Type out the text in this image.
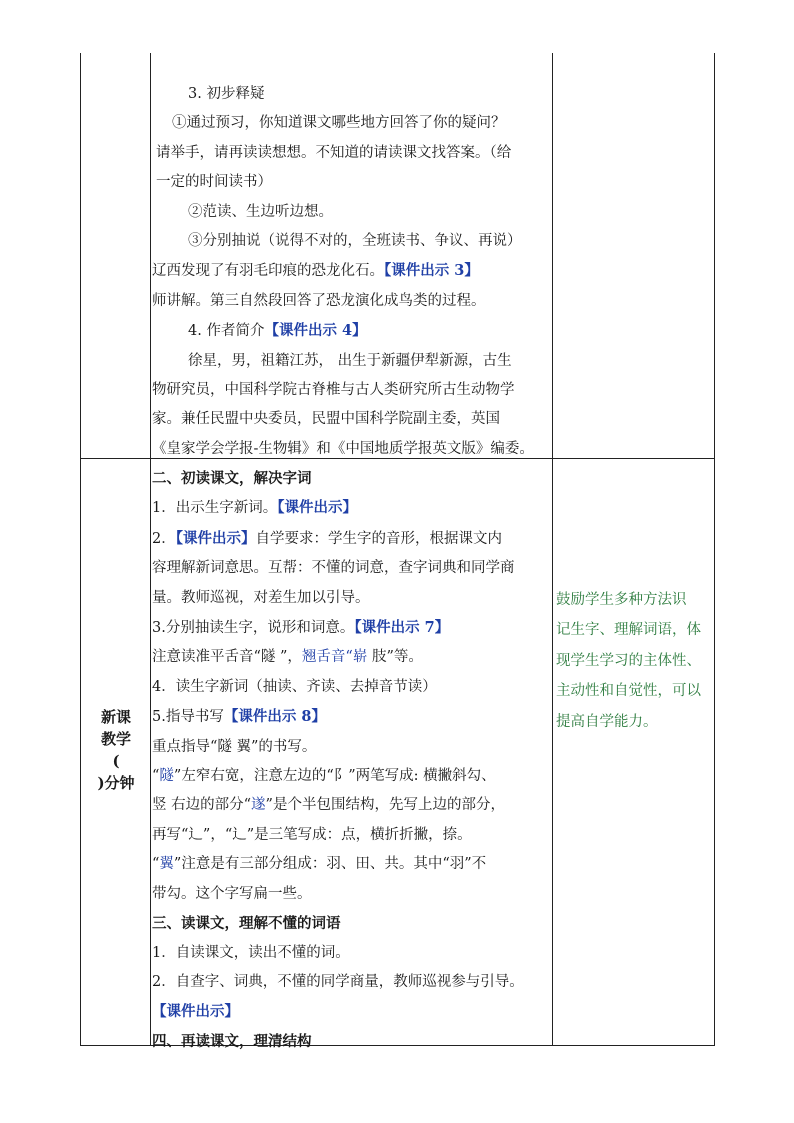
3. 初步释疑

①通过预习，你知道课文哪些地方回答了你的疑问？

请举手，请再读读想想。不知道的请读课文找答案。（给

一定的时间读书）

②范读、生边听边想。

③分别抽说（说得不对的，全班读书、争议、再说）

辽西发现了有羽毛印痕的恐龙化石。【课件出示 3】

师讲解。第三自然段回答了恐龙演化成鸟类的过程。

4. 作者简介【课件出示 4】

徐星，男，祖籍江苏， 出生于新疆伊犁新源，古生

物研究员，中国科学院古脊椎与古人类研究所古生动物学

家。兼任民盟中央委员，民盟中国科学院副主委，英国

《皇家学会学报-生物辑》和《中国地质学报英文版》编委。

新课
教学
(
)分钟

二、初读课文，解决字词

1．出示生字新词。【课件出示】

2．【课件出示】自学要求：学生字的音形，根据课文内

容理解新词意思。互帮：不懂的词意，查字词典和同学商

量。教师巡视，对差生加以引导。

3.分别抽读生字，说形和词意。【课件出示 7】

注意读准平舌音“隧 ”，翘舌音“崭 肢”等。

4．读生字新词（抽读、齐读、去掉音节读）

5.指导书写【课件出示 8】

重点指导“隧 翼”的书写。

“隧”左窄右宽，注意左边的“阝”两笔写成: 横撇斜勾、

竖 右边的部分“遂”是个半包围结构，先写上边的部分，

再写“辶”，“辶”是三笔写成：点，横折折撇，捺。

“翼”注意是有三部分组成：羽、田、共。其中“羽”不

带勾。这个字写扁一些。

三、读课文，理解不懂的词语

1．自读课文，读出不懂的词。

2．自查字、词典，不懂的同学商量，教师巡视参与引导。

【课件出示】

四、再读课文，理清结构

鼓励学生多种方法识

记生字、理解词语，体

现学生学习的主体性、

主动性和自觉性，可以

提高自学能力。
